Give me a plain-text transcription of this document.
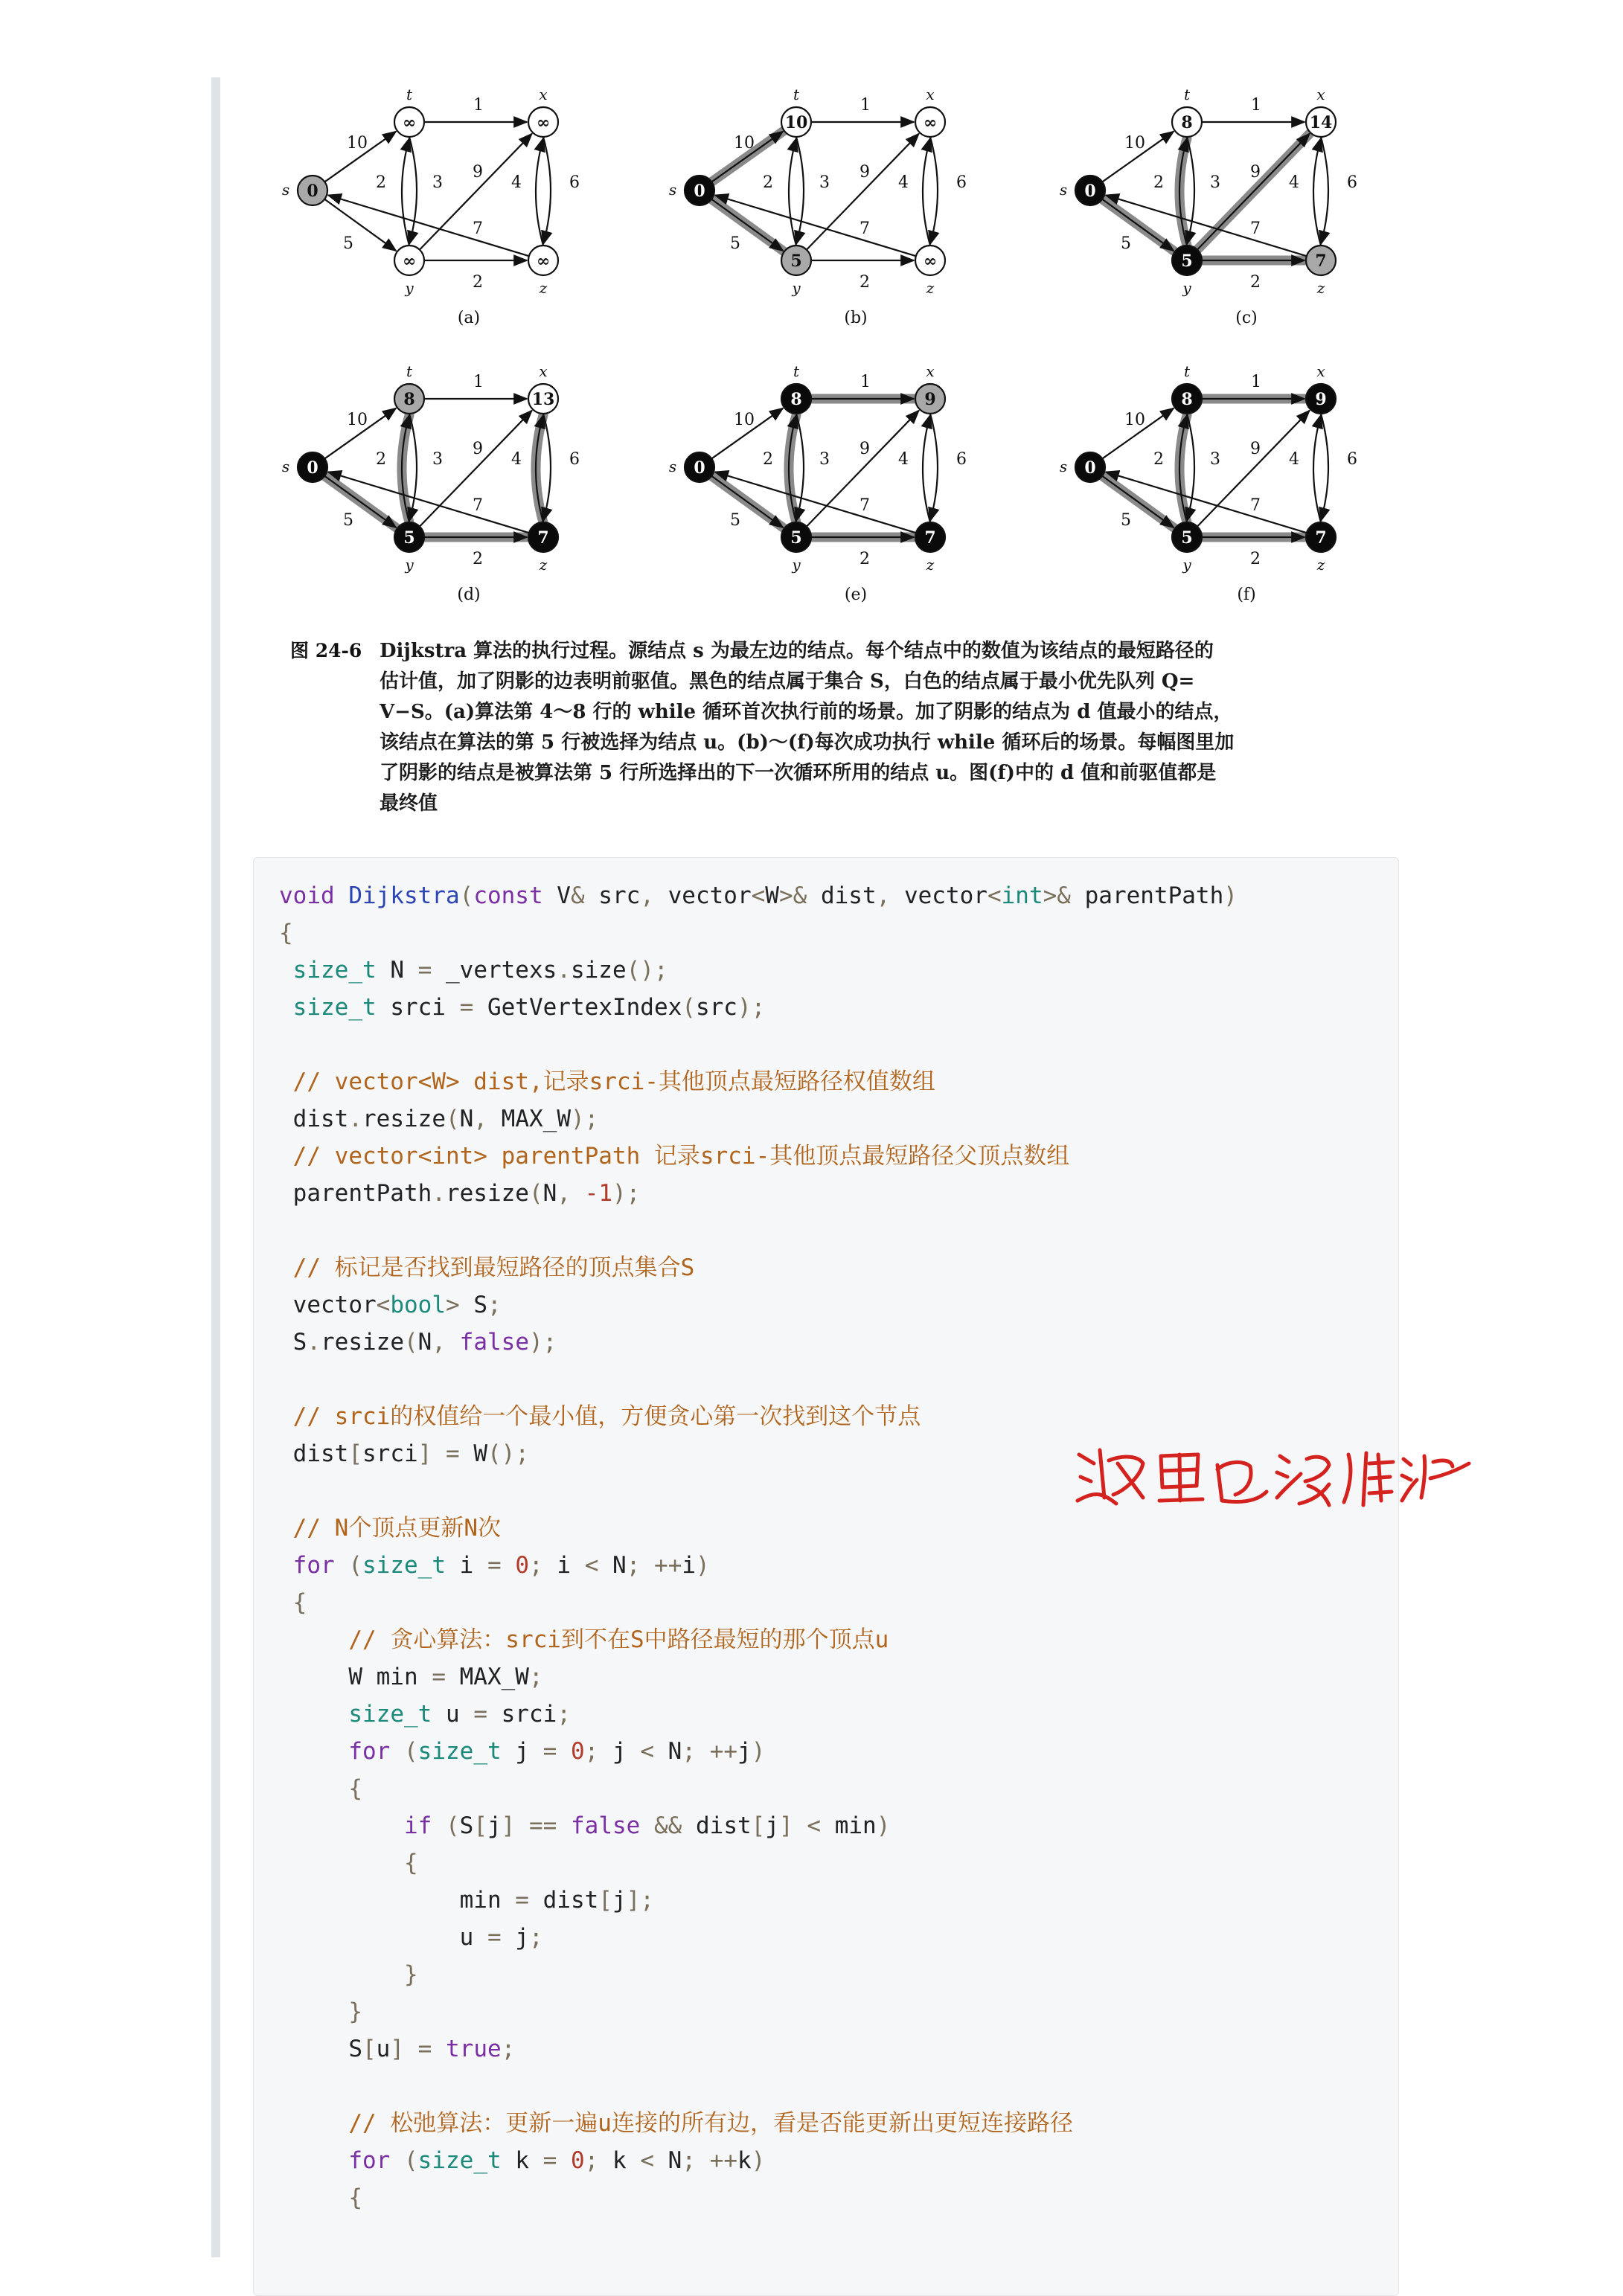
10
5
1
2	3
9
4	6
7
2
0
s
∞
t
∞
x
∞
y
∞
z
(a)
10
5
1
2	3
9
4	6
7
2
0
s
10
t
∞
x
5
y
∞
z
(b)
10
5
1
2	3
9
4	6
7
2
0
s
8
t
14
x
5
y
7
z
(c)
10
5
1
2	3
9
4	6
7
2
0
s
8
t
13
x
5
y
7
z
(d)
10
5
1
2	3
9
4	6
7
2
0
s
8
t
9
x
5
y
7
z
(e)
10
5
1
2	3
9
4	6
7
2
0
s
8
t
9
x
5
y
7
z
(f)
图 24-6 Dijkstra 算法的执行过程。源结点 s 为最左边的结点。每个结点中的数值为该结点的最短路径的
估计值，加了阴影的边表明前驱值。黑色的结点属于集合 S，白色的结点属于最小优先队列 Q=
V−S。(a)算法第 4～8 行的 while 循环首次执行前的场景。加了阴影的结点为 d 值最小的结点，
该结点在算法的第 5 行被选择为结点 u。(b)～(f)每次成功执行 while 循环后的场景。每幅图里加
了阴影的结点是被算法第 5 行所选择出的下一次循环所用的结点 u。图(f)中的 d 值和前驱值都是
最终值
void Dijkstra(const V& src, vector<W>& dist, vector<int>& parentPath)
{
size_t N = _vertexs.size();
size_t srci = GetVertexIndex(src);

// vector<W> dist,记录srci-其他顶点最短路径权值数组
dist.resize(N, MAX_W);
// vector<int> parentPath 记录srci-其他顶点最短路径父顶点数组
parentPath.resize(N, -1);

// 标记是否找到最短路径的顶点集合S
vector<bool> S;
S.resize(N, false);

// srci的权值给一个最小值，方便贪心第一次找到这个节点
dist[srci] = W();

// N个顶点更新N次
for (size_t i = 0; i < N; ++i)
{
// 贪心算法：srci到不在S中路径最短的那个顶点u
W min = MAX_W;
size_t u = srci;
for (size_t j = 0; j < N; ++j)
{
if (S[j] == false && dist[j] < min)
{
min = dist[j];
u = j;
}
}
S[u] = true;

// 松弛算法：更新一遍u连接的所有边，看是否能更新出更短连接路径
for (size_t k = 0; k < N; ++k)
{
